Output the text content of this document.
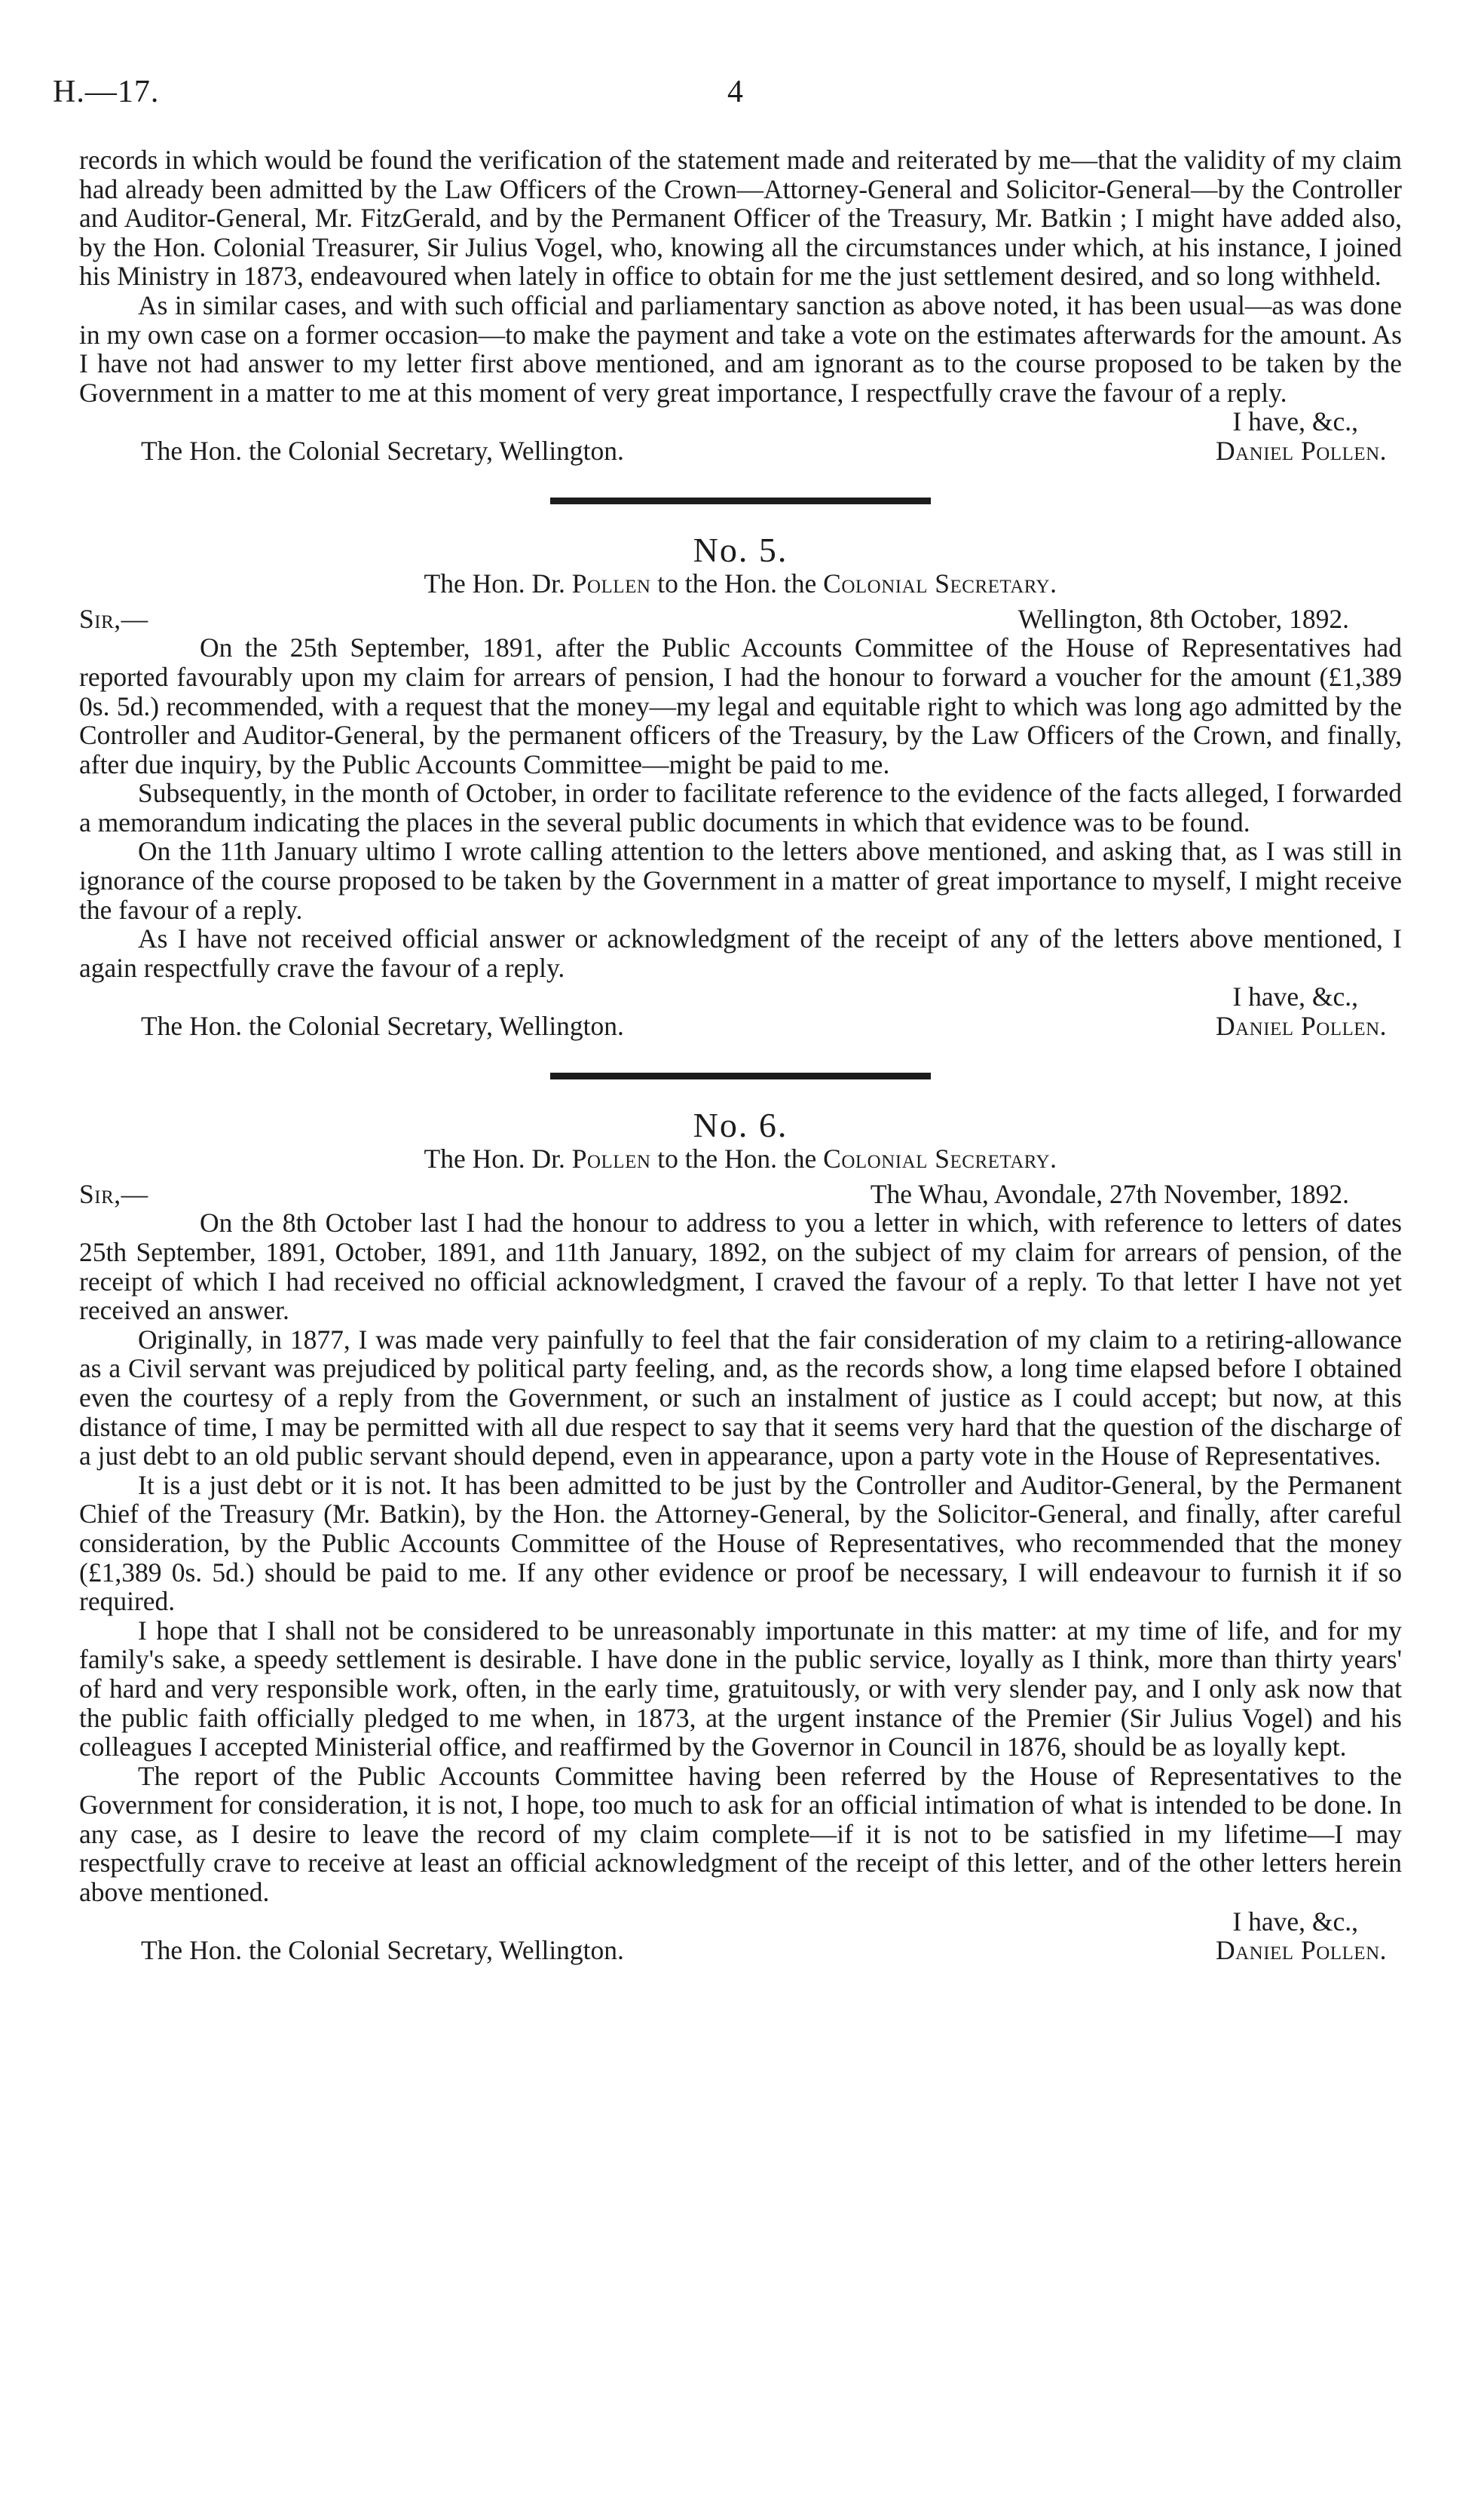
H.—17.	4

records in which would be found the verification of the statement made and reiterated by me—that the validity of my claim had already been admitted by the Law Officers of the Crown—Attorney-General and Solicitor-General—by the Controller and Auditor-General, Mr. FitzGerald, and by the Permanent Officer of the Treasury, Mr. Batkin ; I might have added also, by the Hon. Colonial Treasurer, Sir Julius Vogel, who, knowing all the circumstances under which, at his instance, I joined his Ministry in 1873, endeavoured when lately in office to obtain for me the just settlement desired, and so long withheld.

As in similar cases, and with such official and parliamentary sanction as above noted, it has been usual—as was done in my own case on a former occasion—to make the payment and take a vote on the estimates afterwards for the amount. As I have not had answer to my letter first above mentioned, and am ignorant as to the course proposed to be taken by the Government in a matter to me at this moment of very great importance, I respectfully crave the favour of a reply.

I have, &c.,
The Hon. the Colonial Secretary, Wellington.	Daniel Pollen.
No. 5.
The Hon. Dr. Pollen to the Hon. the Colonial Secretary.
Sir,—	Wellington, 8th October, 1892.

On the 25th September, 1891, after the Public Accounts Committee of the House of Representatives had reported favourably upon my claim for arrears of pension, I had the honour to forward a voucher for the amount (£1,389 0s. 5d.) recommended, with a request that the money—my legal and equitable right to which was long ago admitted by the Controller and Auditor-General, by the permanent officers of the Treasury, by the Law Officers of the Crown, and finally, after due inquiry, by the Public Accounts Committee—might be paid to me.

Subsequently, in the month of October, in order to facilitate reference to the evidence of the facts alleged, I forwarded a memorandum indicating the places in the several public documents in which that evidence was to be found.

On the 11th January ultimo I wrote calling attention to the letters above mentioned, and asking that, as I was still in ignorance of the course proposed to be taken by the Government in a matter of great importance to myself, I might receive the favour of a reply.

As I have not received official answer or acknowledgment of the receipt of any of the letters above mentioned, I again respectfully crave the favour of a reply.

I have, &c.,
The Hon. the Colonial Secretary, Wellington.	Daniel Pollen.
No. 6.
The Hon. Dr. Pollen to the Hon. the Colonial Secretary.
Sir,—	The Whau, Avondale, 27th November, 1892.

On the 8th October last I had the honour to address to you a letter in which, with reference to letters of dates 25th September, 1891, October, 1891, and 11th January, 1892, on the subject of my claim for arrears of pension, of the receipt of which I had received no official acknowledgment, I craved the favour of a reply. To that letter I have not yet received an answer.

Originally, in 1877, I was made very painfully to feel that the fair consideration of my claim to a retiring-allowance as a Civil servant was prejudiced by political party feeling, and, as the records show, a long time elapsed before I obtained even the courtesy of a reply from the Government, or such an instalment of justice as I could accept; but now, at this distance of time, I may be permitted with all due respect to say that it seems very hard that the question of the discharge of a just debt to an old public servant should depend, even in appearance, upon a party vote in the House of Representatives.

It is a just debt or it is not. It has been admitted to be just by the Controller and Auditor-General, by the Permanent Chief of the Treasury (Mr. Batkin), by the Hon. the Attorney-General, by the Solicitor-General, and finally, after careful consideration, by the Public Accounts Committee of the House of Representatives, who recommended that the money (£1,389 0s. 5d.) should be paid to me. If any other evidence or proof be necessary, I will endeavour to furnish it if so required.

I hope that I shall not be considered to be unreasonably importunate in this matter: at my time of life, and for my family's sake, a speedy settlement is desirable. I have done in the public service, loyally as I think, more than thirty years' of hard and very responsible work, often, in the early time, gratuitously, or with very slender pay, and I only ask now that the public faith officially pledged to me when, in 1873, at the urgent instance of the Premier (Sir Julius Vogel) and his colleagues I accepted Ministerial office, and reaffirmed by the Governor in Council in 1876, should be as loyally kept.

The report of the Public Accounts Committee having been referred by the House of Representatives to the Government for consideration, it is not, I hope, too much to ask for an official intimation of what is intended to be done. In any case, as I desire to leave the record of my claim complete—if it is not to be satisfied in my lifetime—I may respectfully crave to receive at least an official acknowledgment of the receipt of this letter, and of the other letters herein above mentioned.

I have, &c.,
The Hon. the Colonial Secretary, Wellington.	Daniel Pollen.
